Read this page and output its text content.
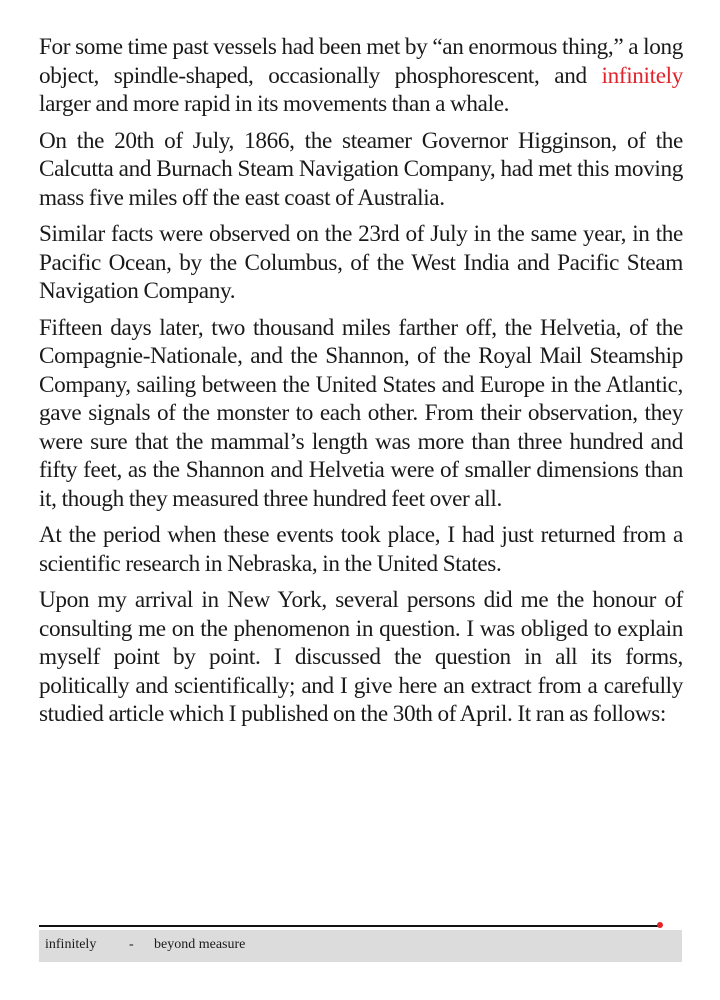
For some time past vessels had been met by “an enormous thing,” a long object, spindle-shaped, occasionally phosphorescent, and infinitely larger and more rapid in its movements than a whale.

On the 20th of July, 1866, the steamer Governor Higginson, of the Calcutta and Burnach Steam Navigation Company, had met this moving mass five miles off the east coast of Australia.

Similar facts were observed on the 23rd of July in the same year, in the Pacific Ocean, by the Columbus, of the West India and Pacific Steam Navigation Company.

Fifteen days later, two thousand miles farther off, the Helvetia, of the Compagnie-Nationale, and the Shannon, of the Royal Mail Steamship Company, sailing between the United States and Europe in the Atlantic, gave signals of the monster to each other. From their observation, they were sure that the mammal’s length was more than three hundred and fifty feet, as the Shannon and Helvetia were of smaller dimensions than it, though they measured three hundred feet over all.

At the period when these events took place, I had just returned from a scientific research in Nebraska, in the United States.

Upon my arrival in New York, several persons did me the honour of consulting me on the phenomenon in question. I was obliged to explain myself point by point. I discussed the question in all its forms, politically and scientifically; and I give here an extract from a carefully studied article which I published on the 30th of April. It ran as follows:

infinitely - beyond measure
